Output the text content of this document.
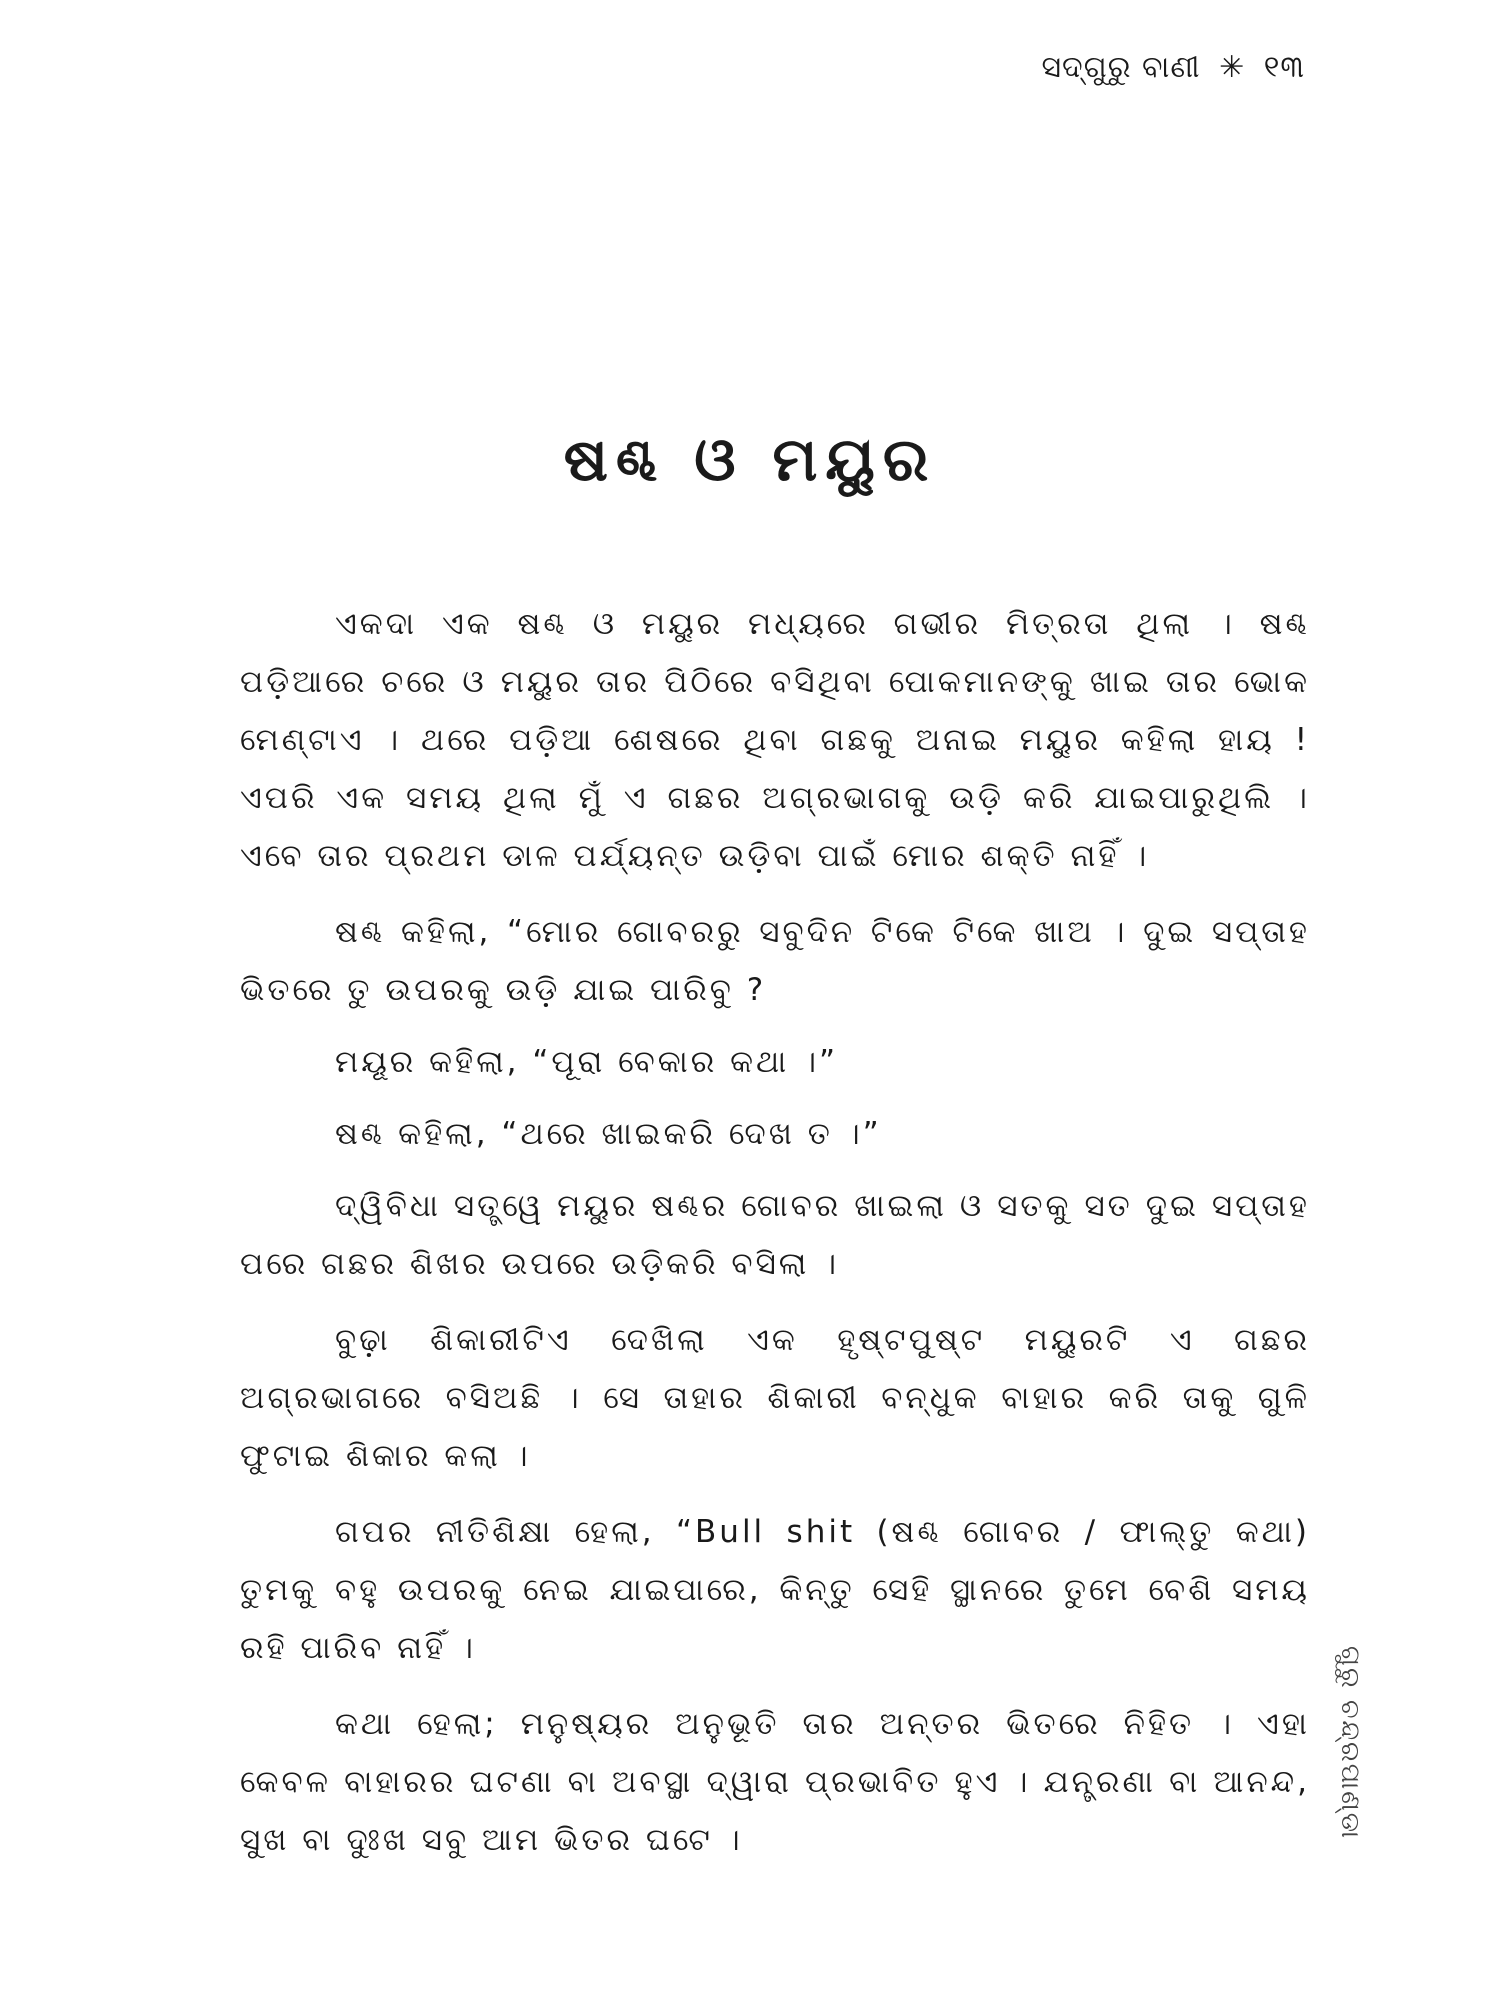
ସଦ୍‌ଗୁରୁ ବାଣୀ ✳ ୧୩
ଷଣ୍ଢ ଓ ମୟୁର

ଏକଦା ଏକ ଷଣ୍ଢ ଓ ମୟୁର ମଧ୍ୟରେ ଗଭୀର ମିତ୍ରତା ଥିଲା । ଷଣ୍ଢ ପଡ଼ିଆରେ ଚରେ ଓ ମୟୁର ତାର ପିଠିରେ ବସିଥିବା ପୋକମାନଙ୍କୁ ଖାଇ ତାର ଭୋକ ମେଣ୍ଟାଏ । ଥରେ ପଡ଼ିଆ ଶେଷରେ ଥିବା ଗଛକୁ ଅନାଇ ମୟୁର କହିଲା ହାୟ ! ଏପରି ଏକ ସମୟ ଥିଲା ମୁଁ ଏ ଗଛର ଅଗ୍ରଭାଗକୁ ଉଡ଼ି କରି ଯାଇପାରୁଥିଲି । ଏବେ ତାର ପ୍ରଥମ ଡାଳ ପର୍ଯ୍ୟନ୍ତ ଉଡ଼ିବା ପାଇଁ ମୋର ଶକ୍ତି ନାହିଁ ।

ଷଣ୍ଢ କହିଲା, “ମୋର ଗୋବରରୁ ସବୁଦିନ ଟିକେ ଟିକେ ଖାଅ । ଦୁଇ ସପ୍ତାହ ଭିତରେ ତୁ ଉପରକୁ ଉଡ଼ି ଯାଇ ପାରିବୁ ?

ମୟୂର କହିଲା, “ପୂରା ବେକାର କଥା ।”

ଷଣ୍ଢ କହିଲା, “ଥରେ ଖାଇକରି ଦେଖ ତ ।”

ଦ୍ୱିବିଧା ସତ୍ତ୍ୱେ ମୟୁର ଷଣ୍ଢର ଗୋବର ଖାଇଲା ଓ ସତକୁ ସତ ଦୁଇ ସପ୍ତାହ ପରେ ଗଛର ଶିଖର ଉପରେ ଉଡ଼ିକରି ବସିଲା ।

ବୁଢ଼ା ଶିକାରୀଟିଏ ଦେଖିଲା ଏକ ହୃଷ୍ଟପୁଷ୍ଟ ମୟୁରଟି ଏ ଗଛର ଅଗ୍ରଭାଗରେ ବସିଅଛି । ସେ ତାହାର ଶିକାରୀ ବନ୍ଧୁକ ବାହାର କରି ତାକୁ ଗୁଳି ଫୁଟାଇ ଶିକାର କଲା ।

ଗପର ନୀତିଶିକ୍ଷା ହେଲା, “Bull shit (ଷଣ୍ଢ ଗୋବର / ଫାଲ୍‌ତୁ କଥା) ତୁମକୁ ବହୁ ଉପରକୁ ନେଇ ଯାଇପାରେ, କିନ୍ତୁ ସେହି ସ୍ଥାନରେ ତୁମେ ବେଶି ସମୟ ରହି ପାରିବ ନାହିଁ ।

କଥା ହେଲା; ମନୁଷ୍ୟର ଅନୁଭୂତି ତାର ଅନ୍ତର ଭିତରେ ନିହିତ । ଏହା କେବଳ ବାହାରର ଘଟଣା ବା ଅବସ୍ଥା ଦ୍ୱାରା ପ୍ରଭାବିତ ହୁଏ । ଯନ୍ତ୍ରଣା ବା ଆନନ୍ଦ, ସୁଖ ବା ଦୁଃଖ ସବୁ ଆମ ଭିତର ଘଟେ ।	ଗୁରୁ ଚନ୍ଦ୍ରପାଣ୍ଡା
